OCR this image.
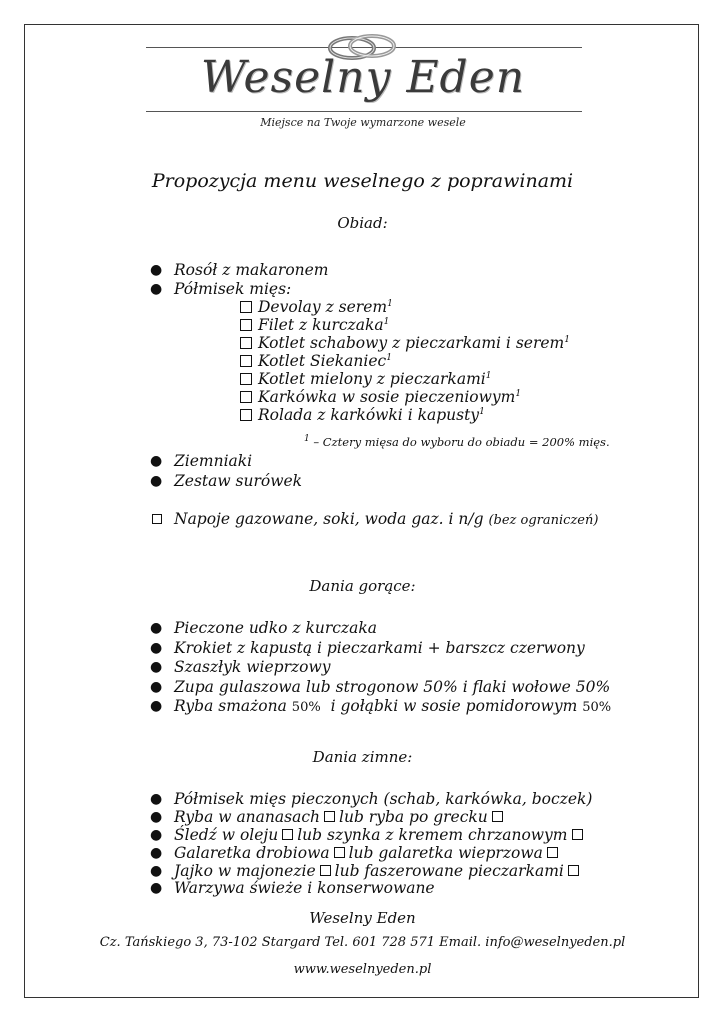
Weselny Eden
Miejsce na Twoje wymarzone wesele
Propozycja menu weselnego z poprawinami
Obiad:
● Rosół z makaronem
● Półmisek mięs:
Devolay z serem$^1$
Filet z kurczaka$^1$
Kotlet schabowy z pieczarkami i serem$^1$
Kotlet Siekaniec$^1$
Kotlet mielony z pieczarkami$^1$
Karkówka w sosie pieczeniowym$^1$
Rolada z karkówki i kapusty$^1$
$^1$ – Cztery mięsa do wyboru do obiadu = 200% mięs.
● Ziemniaki
● Zestaw surówek
Napoje gazowane, soki, woda gaz. i n/g (bez ograniczeń)
Dania gorące:
● Pieczone udko z kurczaka
● Krokiet z kapustą i pieczarkami + barszcz czerwony
● Szaszłyk wieprzowy
● Zupa gulaszowa lub strogonow 50% i flaki wołowe 50%
● Ryba smażona 50% i gołąbki w sosie pomidorowym 50%
Dania zimne:
● Półmisek mięs pieczonych (schab, karkówka, boczek)
● Ryba w ananasach lub ryba po grecku
● Śledź w oleju lub szynka z kremem chrzanowym
● Galaretka drobiowa lub galaretka wieprzowa
● Jajko w majonezie lub faszerowane pieczarkami
● Warzywa świeże i konserwowane
Weselny Eden
Cz. Tańskiego 3, 73-102 Stargard Tel. 601 728 571 Email. info@weselnyeden.pl
www.weselnyeden.pl
